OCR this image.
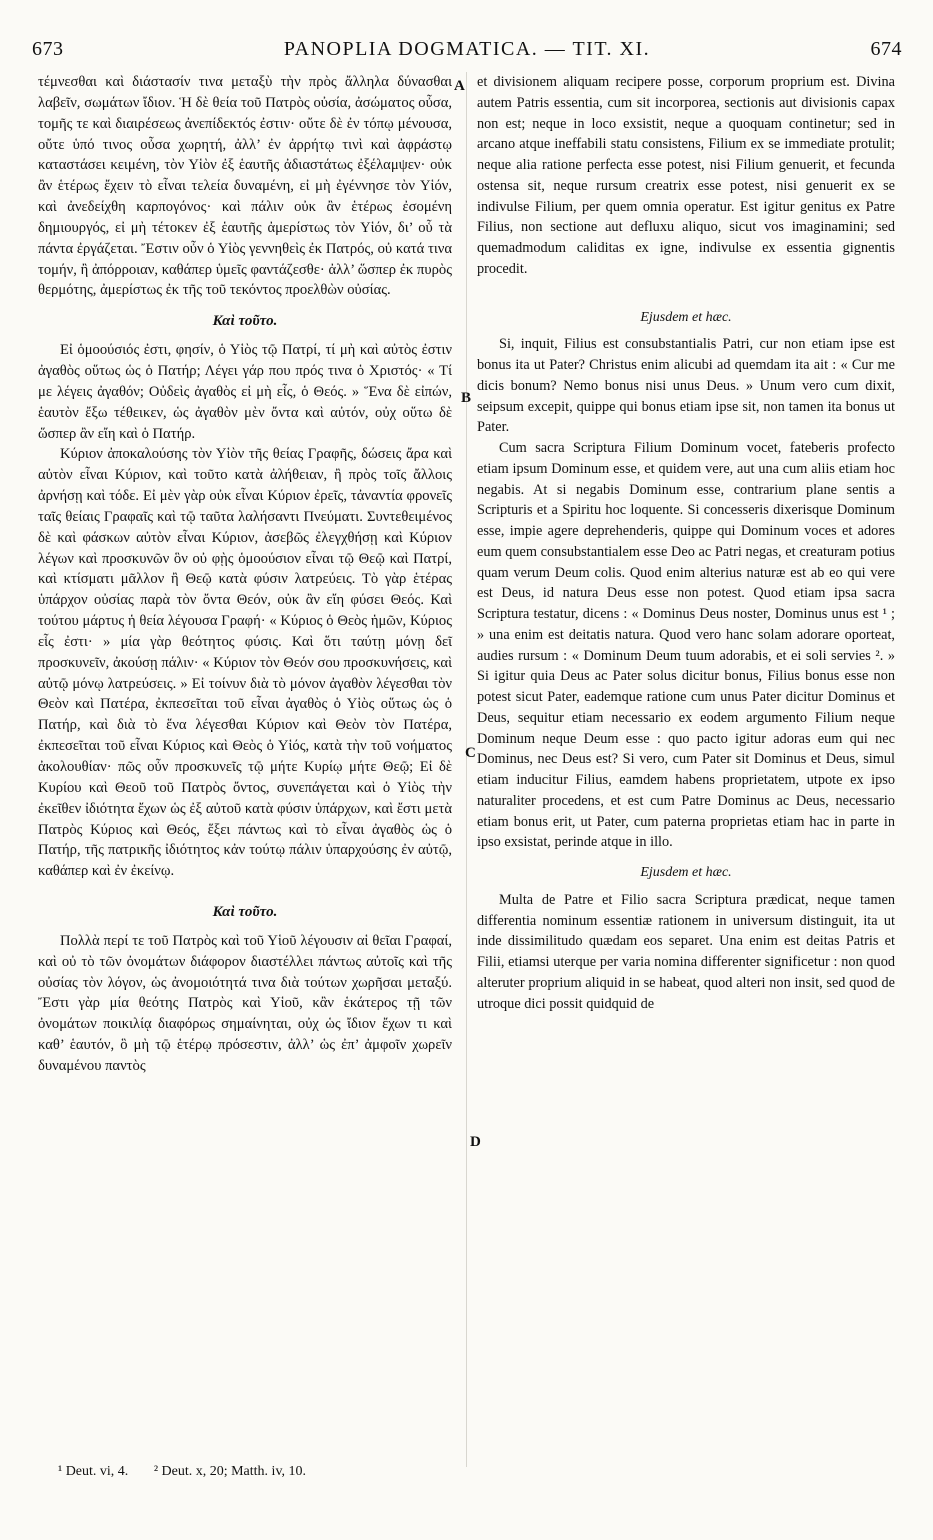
673	PANOPLIA DOGMATICA. — TIT. XI.	674
A
B
C
D

τέμνεσθαι καὶ διάστασίν τινα μεταξὺ τὴν πρὸς ἄλληλα δύνασθαι λαβεῖν, σωμάτων ἴδιον. Ἡ δὲ θεία τοῦ Πατρὸς οὐσία, ἀσώματος οὖσα, τομῆς τε καὶ διαιρέσεως ἀνεπίδεκτός ἐστιν· οὔτε δὲ ἐν τόπῳ μένουσα, οὔτε ὑπό τινος οὖσα χωρητή, ἀλλ’ ἐν ἀρρήτῳ τινὶ καὶ ἀφράστῳ καταστάσει κειμένη, τὸν Υἱὸν ἐξ ἑαυτῆς ἀδιαστάτως ἐξέλαμψεν· οὐκ ἂν ἑτέρως ἔχειν τὸ εἶναι τελεία δυναμένη, εἰ μὴ ἐγέννησε τὸν Υἱόν, καὶ ἀνεδείχθη καρπογόνος· καὶ πάλιν οὐκ ἂν ἑτέρως ἐσομένη δημιουργός, εἰ μὴ τέτοκεν ἐξ ἑαυτῆς ἀμερίστως τὸν Υἱόν, δι’ οὗ τὰ πάντα ἐργάζεται. Ἔστιν οὖν ὁ Υἱὸς γεννηθεὶς ἐκ Πατρός, οὐ κατά τινα τομήν, ἢ ἀπόρροιαν, καθάπερ ὑμεῖς φαντάζεσθε· ἀλλ’ ὥσπερ ἐκ πυρὸς θερμότης, ἀμερίστως ἐκ τῆς τοῦ τεκόντος προελθὼν οὐσίας.

Καὶ τοῦτο.

Εἰ ὁμοούσιός ἐστι, φησίν, ὁ Υἱὸς τῷ Πατρί, τί μὴ καὶ αὐτὸς ἐστιν ἀγαθὸς οὕτως ὡς ὁ Πατήρ; Λέγει γάρ που πρός τινα ὁ Χριστός· « Τί με λέγεις ἀγαθόν; Οὐδεὶς ἀγαθὸς εἰ μὴ εἷς, ὁ Θεός. » Ἕνα δὲ εἰπών, ἑαυτὸν ἔξω τέθεικεν, ὡς ἀγαθὸν μὲν ὄντα καὶ αὐτόν, οὐχ οὕτω δὲ ὥσπερ ἂν εἴη καὶ ὁ Πατήρ.

Κύριον ἀποκαλούσης τὸν Υἱὸν τῆς θείας Γραφῆς, δώσεις ἄρα καὶ αὐτὸν εἶναι Κύριον, καὶ τοῦτο κατὰ ἀλήθειαν, ἢ πρὸς τοῖς ἄλλοις ἀρνήσῃ καὶ τόδε. Εἰ μὲν γὰρ οὐκ εἶναι Κύριον ἐρεῖς, τἀναντία φρονεῖς ταῖς θείαις Γραφαῖς καὶ τῷ ταῦτα λαλήσαντι Πνεύματι. Συντεθειμένος δὲ καὶ φάσκων αὐτὸν εἶναι Κύριον, ἀσεβῶς ἐλεγχθήσῃ καὶ Κύριον λέγων καὶ προσκυνῶν ὃν οὐ φῂς ὁμοούσιον εἶναι τῷ Θεῷ καὶ Πατρί, καὶ κτίσματι μᾶλλον ἢ Θεῷ κατὰ φύσιν λατρεύεις. Τὸ γὰρ ἑτέρας ὑπάρχον οὐσίας παρὰ τὸν ὄντα Θεόν, οὐκ ἂν εἴη φύσει Θεός. Καὶ τούτου μάρτυς ἡ θεία λέγουσα Γραφή· « Κύριος ὁ Θεὸς ἡμῶν, Κύριος εἷς ἐστι· » μία γὰρ θεότητος φύσις. Καὶ ὅτι ταύτῃ μόνῃ δεῖ προσκυνεῖν, ἀκούσῃ πάλιν· « Κύριον τὸν Θεόν σου προσκυνήσεις, καὶ αὐτῷ μόνῳ λατρεύσεις. » Εἰ τοίνυν διὰ τὸ μόνον ἀγαθὸν λέγεσθαι τὸν Θεὸν καὶ Πατέρα, ἐκπεσεῖται τοῦ εἶναι ἀγαθὸς ὁ Υἱὸς οὕτως ὡς ὁ Πατήρ, καὶ διὰ τὸ ἕνα λέγεσθαι Κύριον καὶ Θεὸν τὸν Πατέρα, ἐκπεσεῖται τοῦ εἶναι Κύριος καὶ Θεὸς ὁ Υἱός, κατὰ τὴν τοῦ νοήματος ἀκολουθίαν· πῶς οὖν προσκυνεῖς τῷ μήτε Κυρίῳ μήτε Θεῷ; Εἰ δὲ Κυρίου καὶ Θεοῦ τοῦ Πατρὸς ὄντος, συνεπάγεται καὶ ὁ Υἱὸς τὴν ἐκεῖθεν ἰδιότητα ἔχων ὡς ἐξ αὐτοῦ κατὰ φύσιν ὑπάρχων, καὶ ἔστι μετὰ Πατρὸς Κύριος καὶ Θεός, ἕξει πάντως καὶ τὸ εἶναι ἀγαθὸς ὡς ὁ Πατήρ, τῆς πατρικῆς ἰδιότητος κἀν τούτῳ πάλιν ὑπαρχούσης ἐν αὐτῷ, καθάπερ καὶ ἐν ἐκείνῳ.

Καὶ τοῦτο.

Πολλὰ περί τε τοῦ Πατρὸς καὶ τοῦ Υἱοῦ λέγουσιν αἱ θεῖαι Γραφαί, καὶ οὐ τὸ τῶν ὀνομάτων διάφορον διαστέλλει πάντως αὐτοῖς καὶ τῆς οὐσίας τὸν λόγον, ὡς ἀνομοιότητά τινα διὰ τούτων χωρῆσαι μεταξύ. Ἔστι γὰρ μία θεότης Πατρὸς καὶ Υἱοῦ, κἂν ἑκάτερος τῇ τῶν ὀνομάτων ποικιλίᾳ διαφόρως σημαίνηται, οὐχ ὡς ἴδιον ἔχων τι καὶ καθ’ ἑαυτόν, ὃ μὴ τῷ ἑτέρῳ πρόσεστιν, ἀλλ’ ὡς ἐπ’ ἀμφοῖν χωρεῖν δυναμένου παντὸς

et divisionem aliquam recipere posse, corporum proprium est. Divina autem Patris essentia, cum sit incorporea, sectionis aut divisionis capax non est; neque in loco exsistit, neque a quoquam continetur; sed in arcano atque ineffabili statu consistens, Filium ex se immediate protulit; neque alia ratione perfecta esse potest, nisi Filium genuerit, et fecunda ostensa sit, neque rursum creatrix esse potest, nisi genuerit ex se indivulse Filium, per quem omnia operatur. Est igitur genitus ex Patre Filius, non sectione aut defluxu aliquo, sicut vos imaginamini; sed quemadmodum caliditas ex igne, indivulse ex essentia gignentis procedit.

Ejusdem et hæc.

Si, inquit, Filius est consubstantialis Patri, cur non etiam ipse est bonus ita ut Pater? Christus enim alicubi ad quemdam ita ait : « Cur me dicis bonum? Nemo bonus nisi unus Deus. » Unum vero cum dixit, seipsum excepit, quippe qui bonus etiam ipse sit, non tamen ita bonus ut Pater.

Cum sacra Scriptura Filium Dominum vocet, fateberis profecto etiam ipsum Dominum esse, et quidem vere, aut una cum aliis etiam hoc negabis. At si negabis Dominum esse, contrarium plane sentis a Scripturis et a Spiritu hoc loquente. Si concesseris dixerisque Dominum esse, impie agere deprehenderis, quippe qui Dominum voces et adores eum quem consubstantialem esse Deo ac Patri negas, et creaturam potius quam verum Deum colis. Quod enim alterius naturæ est ab eo qui vere est Deus, id natura Deus esse non potest. Quod etiam ipsa sacra Scriptura testatur, dicens : « Dominus Deus noster, Dominus unus est ¹ ; » una enim est deitatis natura. Quod vero hanc solam adorare oporteat, audies rursum : « Dominum Deum tuum adorabis, et ei soli servies ². » Si igitur quia Deus ac Pater solus dicitur bonus, Filius bonus esse non potest sicut Pater, eademque ratione cum unus Pater dicitur Dominus et Deus, sequitur etiam necessario ex eodem argumento Filium neque Dominum neque Deum esse : quo pacto igitur adoras eum qui nec Dominus, nec Deus est? Si vero, cum Pater sit Dominus et Deus, simul etiam inducitur Filius, eamdem habens proprietatem, utpote ex ipso naturaliter procedens, et est cum Patre Dominus ac Deus, necessario etiam bonus erit, ut Pater, cum paterna proprietas etiam hac in parte in ipso exsistat, perinde atque in illo.

Ejusdem et hæc.

Multa de Patre et Filio sacra Scriptura prædicat, neque tamen differentia nominum essentiæ rationem in universum distinguit, ita ut inde dissimilitudo quædam eos separet. Una enim est deitas Patris et Filii, etiamsi uterque per varia nomina differenter significetur : non quod alteruter proprium aliquid in se habeat, quod alteri non insit, sed quod de utroque dici possit quidquid de

¹ Deut. vi, 4. ² Deut. x, 20; Matth. iv, 10.
